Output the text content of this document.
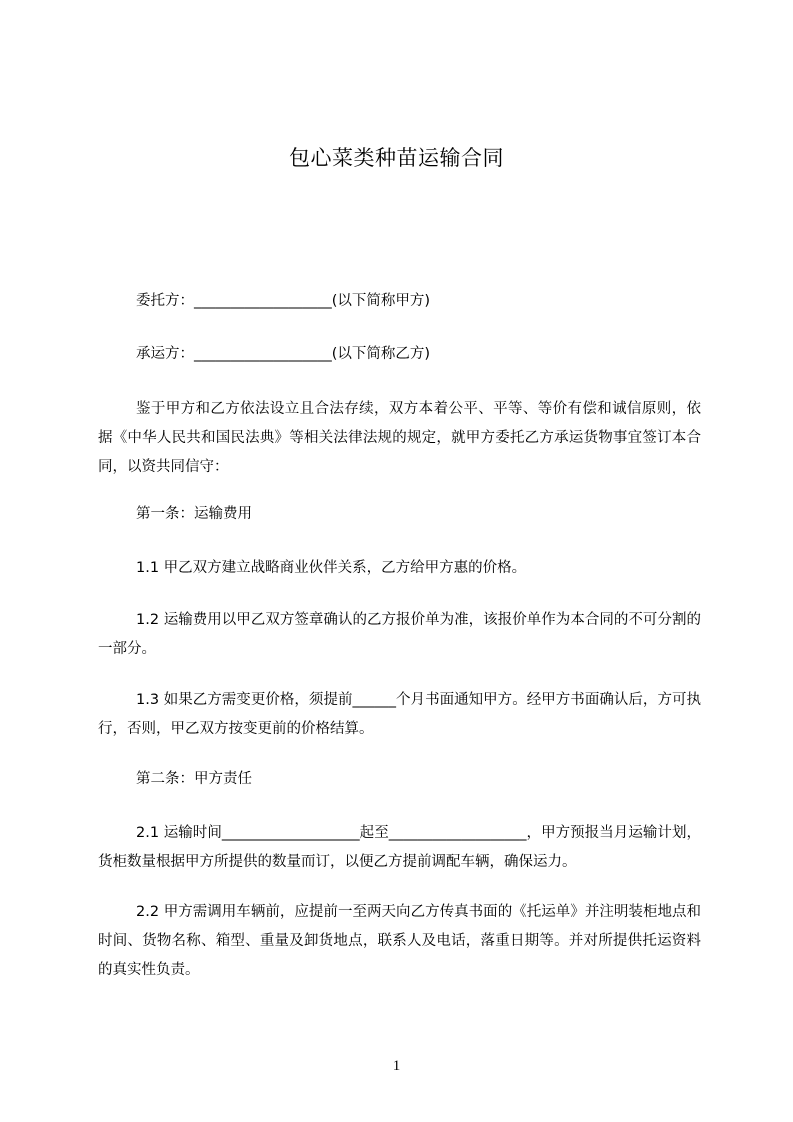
包心菜类种苗运输合同
委托方：___________________(以下简称甲方)
承运方：___________________(以下简称乙方)
鉴于甲方和乙方依法设立且合法存续，双方本着公平、平等、等价有偿和诚信原则，依据《中华人民共和国民法典》等相关法律法规的规定，就甲方委托乙方承运货物事宜签订本合同，以资共同信守：
第一条：运输费用
1.1 甲乙双方建立战略商业伙伴关系，乙方给甲方惠的价格。
1.2 运输费用以甲乙双方签章确认的乙方报价单为准，该报价单作为本合同的不可分割的一部分。
1.3 如果乙方需变更价格，须提前______个月书面通知甲方。经甲方书面确认后，方可执行，否则，甲乙双方按变更前的价格结算。
第二条：甲方责任
2.1 运输时间___________________起至___________________，甲方预报当月运输计划，货柜数量根据甲方所提供的数量而订，以便乙方提前调配车辆，确保运力。
2.2 甲方需调用车辆前，应提前一至两天向乙方传真书面的《托运单》并注明装柜地点和时间、货物名称、箱型、重量及卸货地点，联系人及电话，落重日期等。并对所提供托运资料的真实性负责。
1
